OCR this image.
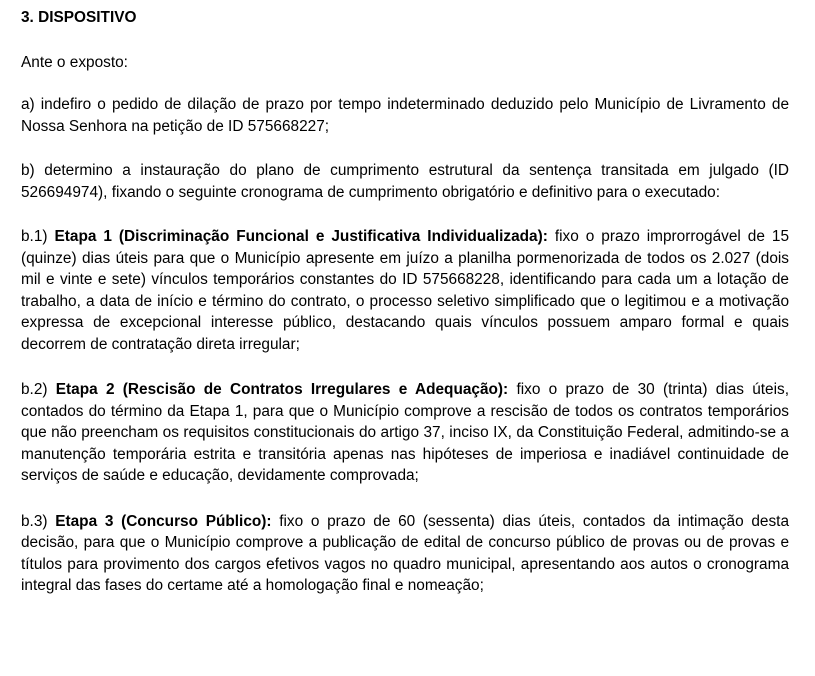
3. DISPOSITIVO
Ante o exposto:
a) indefiro o pedido de dilação de prazo por tempo indeterminado deduzido pelo Município de Livramento de Nossa Senhora na petição de ID 575668227;
b) determino a instauração do plano de cumprimento estrutural da sentença transitada em julgado (ID 526694974), fixando o seguinte cronograma de cumprimento obrigatório e definitivo para o executado:
b.1) Etapa 1 (Discriminação Funcional e Justificativa Individualizada): fixo o prazo improrrogável de 15 (quinze) dias úteis para que o Município apresente em juízo a planilha pormenorizada de todos os 2.027 (dois mil e vinte e sete) vínculos temporários constantes do ID 575668228, identificando para cada um a lotação de trabalho, a data de início e término do contrato, o processo seletivo simplificado que o legitimou e a motivação expressa de excepcional interesse público, destacando quais vínculos possuem amparo formal e quais decorrem de contratação direta irregular;
b.2) Etapa 2 (Rescisão de Contratos Irregulares e Adequação): fixo o prazo de 30 (trinta) dias úteis, contados do término da Etapa 1, para que o Município comprove a rescisão de todos os contratos temporários que não preencham os requisitos constitucionais do artigo 37, inciso IX, da Constituição Federal, admitindo-se a manutenção temporária estrita e transitória apenas nas hipóteses de imperiosa e inadiável continuidade de serviços de saúde e educação, devidamente comprovada;
b.3) Etapa 3 (Concurso Público): fixo o prazo de 60 (sessenta) dias úteis, contados da intimação desta decisão, para que o Município comprove a publicação de edital de concurso público de provas ou de provas e títulos para provimento dos cargos efetivos vagos no quadro municipal, apresentando aos autos o cronograma integral das fases do certame até a homologação final e nomeação;
